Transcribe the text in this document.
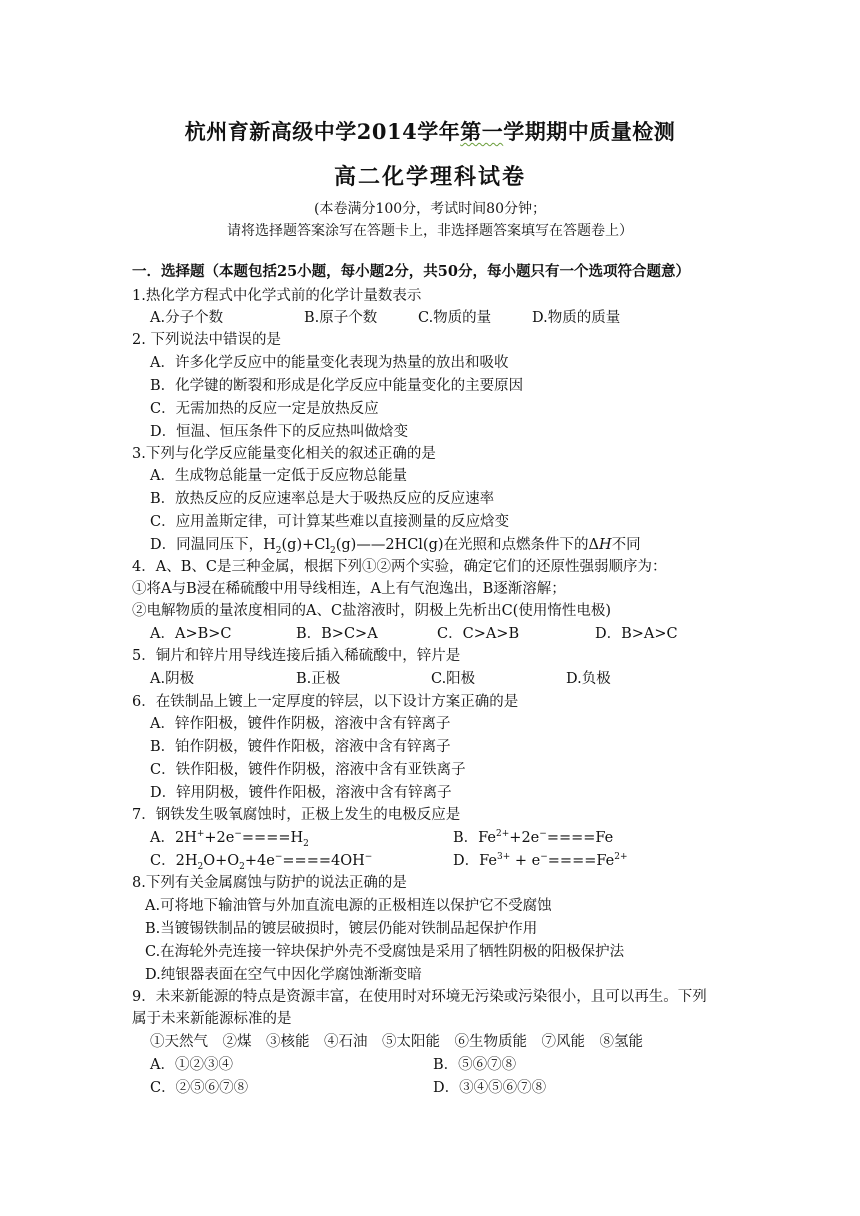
杭州育新高级中学2014学年第一学期期中质量检测
高二化学理科试卷
(本卷满分100分，考试时间80分钟；
请将选择题答案涂写在答题卡上，非选择题答案填写在答题卷上）
一．选择题（本题包括25小题，每小题2分，共50分，每小题只有一个选项符合题意）
1.热化学方程式中化学式前的化学计量数表示
A.分子个数	B.原子个数	C.物质的量	D.物质的质量
2. 下列说法中错误的是
A．许多化学反应中的能量变化表现为热量的放出和吸收
B．化学键的断裂和形成是化学反应中能量变化的主要原因
C．无需加热的反应一定是放热反应
D．恒温、恒压条件下的反应热叫做焓变
3.下列与化学反应能量变化相关的叙述正确的是
A．生成物总能量一定低于反应物总能量
B．放热反应的反应速率总是大于吸热反应的反应速率
C．应用盖斯定律，可计算某些难以直接测量的反应焓变
D．同温同压下，$H_2(g)+Cl_2(g)——2HCl(g)$在光照和点燃条件下的ΔH不同
4．A、B、C是三种金属，根据下列①②两个实验，确定它们的还原性强弱顺序为：
①将A与B浸在稀硫酸中用导线相连，A上有气泡逸出，B逐渐溶解；
②电解物质的量浓度相同的A、C盐溶液时，阴极上先析出C(使用惰性电极)
A．A>B>C	B．B>C>A	C．C>A>B	D．B>A>C
5．铜片和锌片用导线连接后插入稀硫酸中，锌片是
A.阴极	B.正极	C.阳极	D.负极
6．在铁制品上镀上一定厚度的锌层，以下设计方案正确的是
A．锌作阳极，镀件作阴极，溶液中含有锌离子
B．铂作阴极，镀件作阳极，溶液中含有锌离子
C．铁作阳极，镀件作阴极，溶液中含有亚铁离子
D．锌用阴极，镀件作阳极，溶液中含有锌离子
7．钢铁发生吸氧腐蚀时，正极上发生的电极反应是
A．$2H^++2e^-====H_2$	B．$Fe^{2+}+2e^-====Fe$
C．$2H_2O+O_2+4e^-====4OH^-$	D．$Fe^{3+} + e^-====Fe^{2+}$
8.下列有关金属腐蚀与防护的说法正确的是
A.可将地下输油管与外加直流电源的正极相连以保护它不受腐蚀
B.当镀锡铁制品的镀层破损时，镀层仍能对铁制品起保护作用
C.在海轮外壳连接一锌块保护外壳不受腐蚀是采用了牺牲阴极的阳极保护法
D.纯银器表面在空气中因化学腐蚀渐渐变暗
9．未来新能源的特点是资源丰富，在使用时对环境无污染或污染很小，且可以再生。下列
属于未来新能源标准的是
①天然气　②煤　③核能　④石油　⑤太阳能　⑥生物质能　⑦风能　⑧氢能
A．①②③④	B．⑤⑥⑦⑧
C．②⑤⑥⑦⑧	D．③④⑤⑥⑦⑧
